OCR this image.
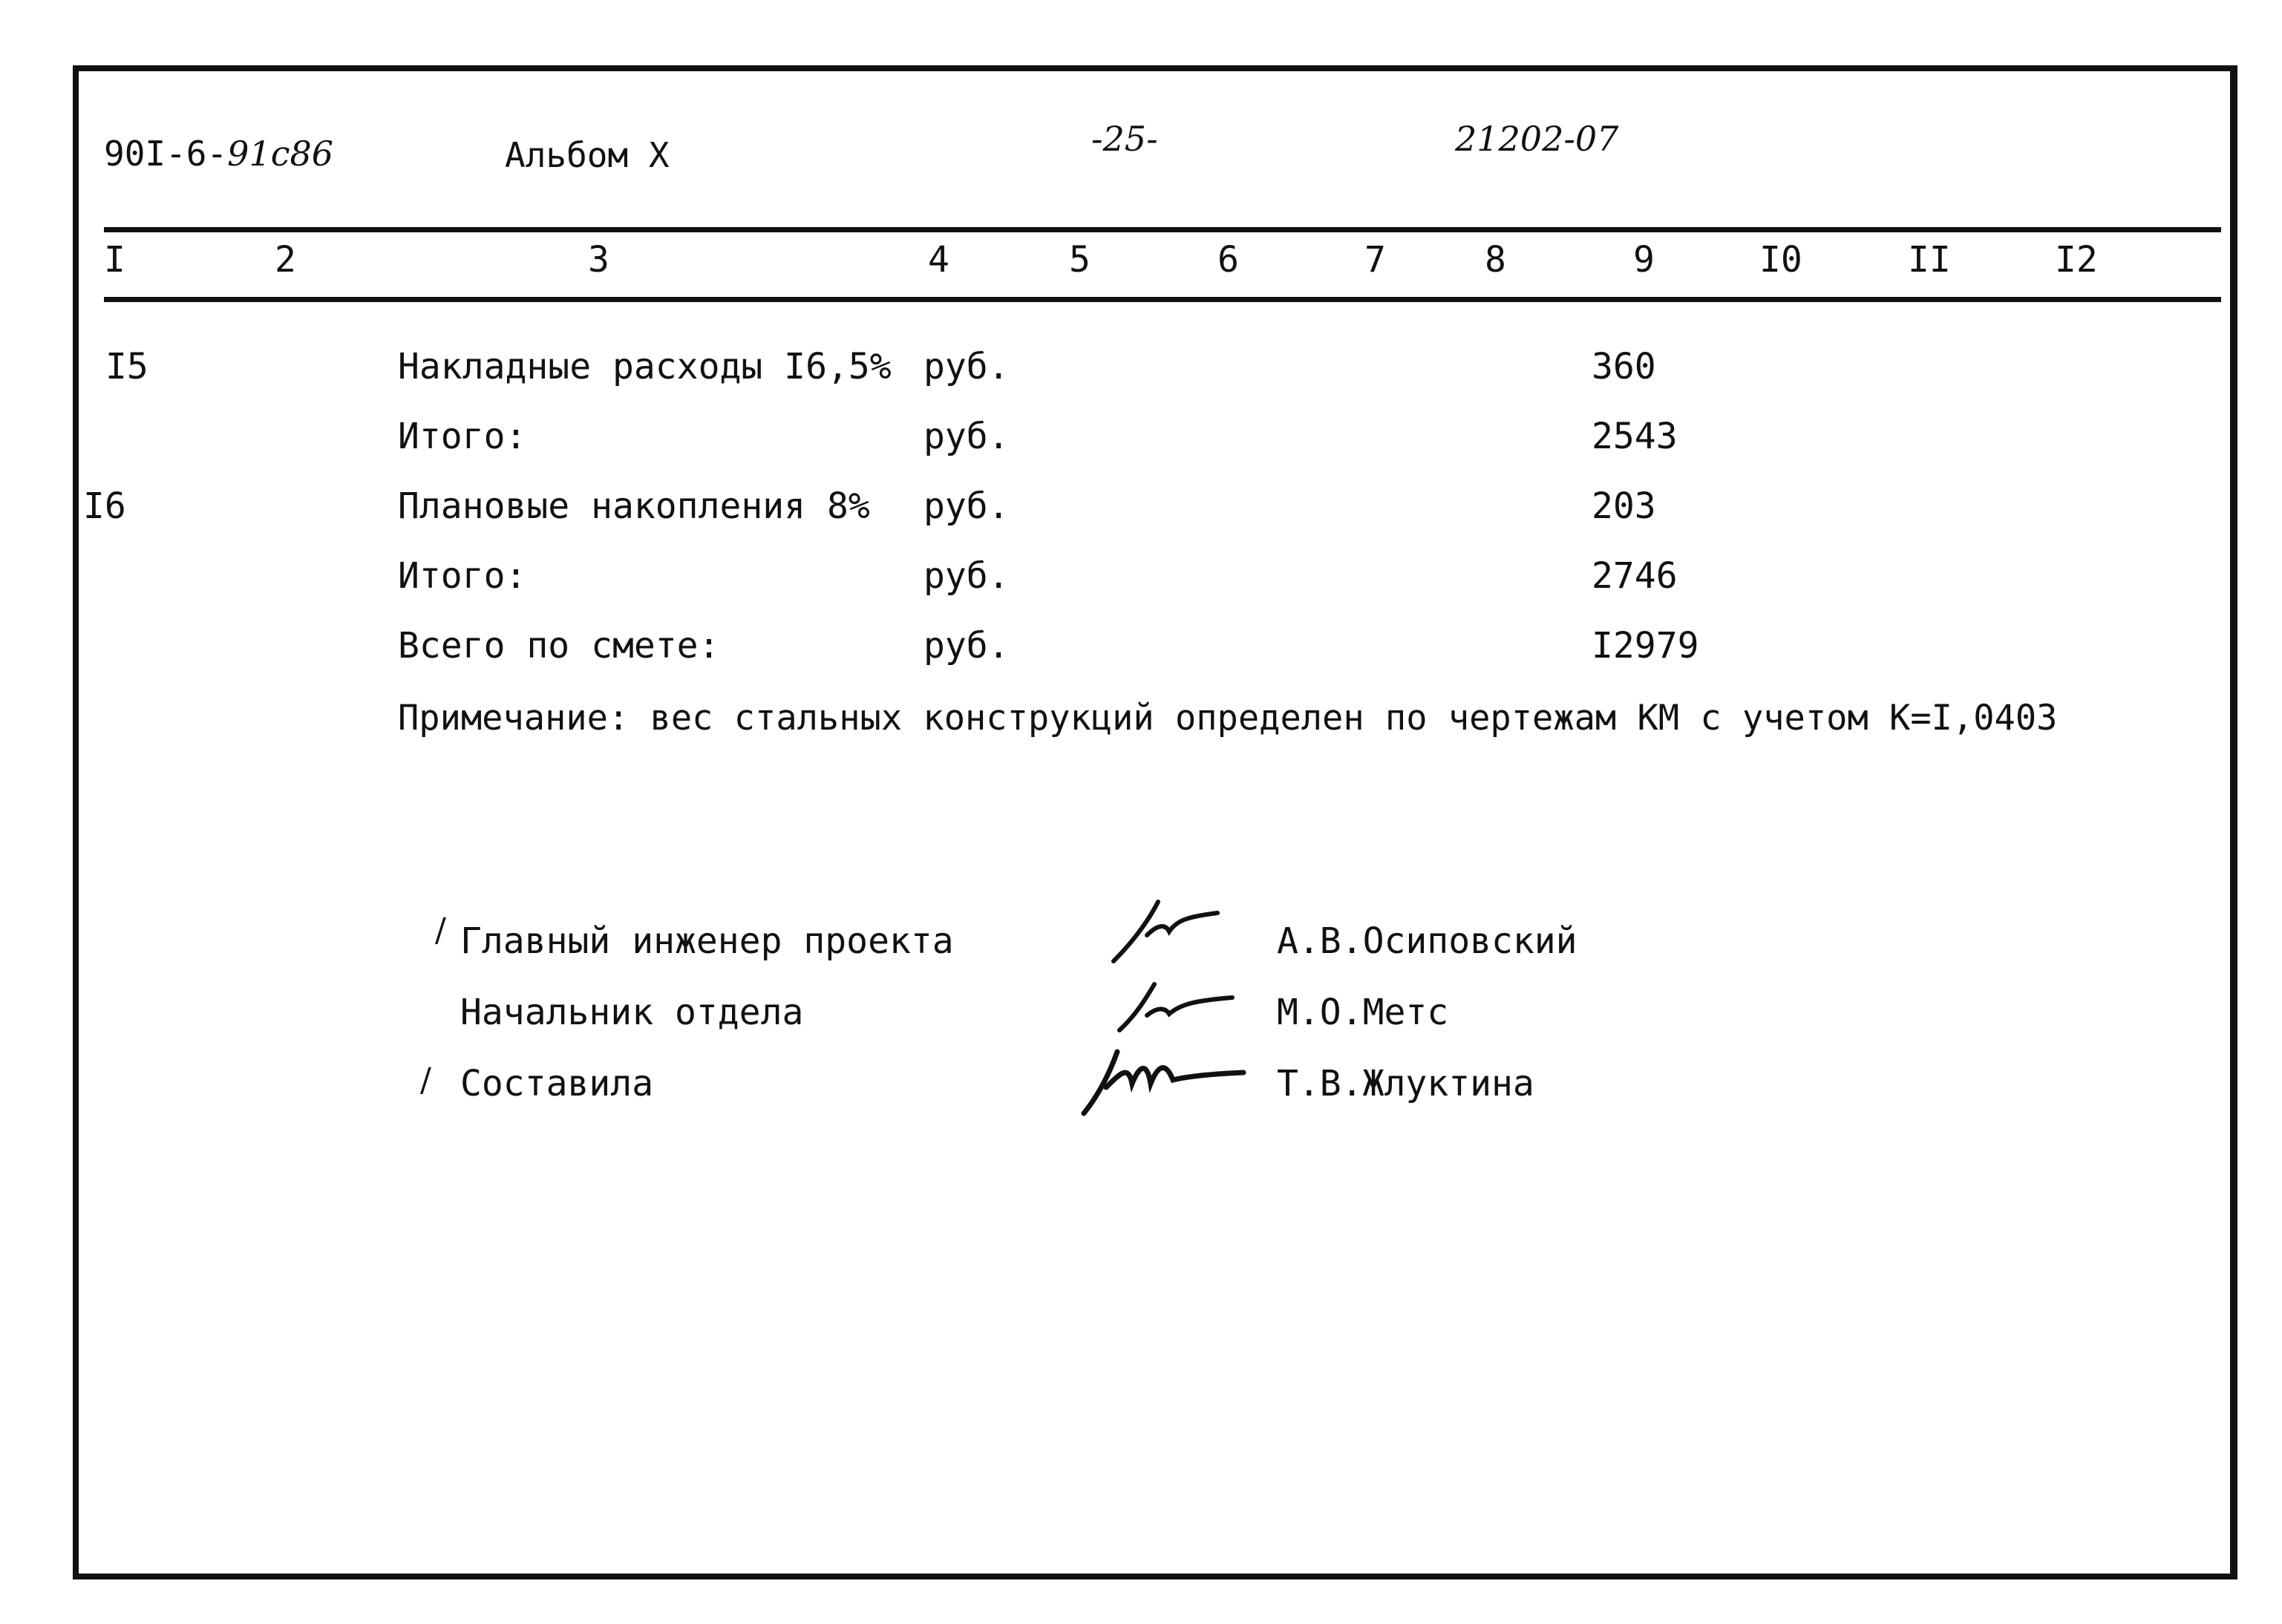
90I-6-91c86	Альбом X	-25-	21202-07
I	2	3	4	5	6	7	8	9	I0	II	I2
I5	Накладные расходы I6,5% руб.	360
Итого:	руб.	2543
I6	Плановые накопления 8% руб.	203
Итого:	руб.	2746
Всего по смете:	руб.	I2979
Примечание: вес стальных конструкций определен по чертежам КМ с учетом K=I,0403
Главный инженер проекта	А.В.Осиповский
Начальник отдела	М.О.Метс
Составила	Т.В.Жлуктина
/
/
